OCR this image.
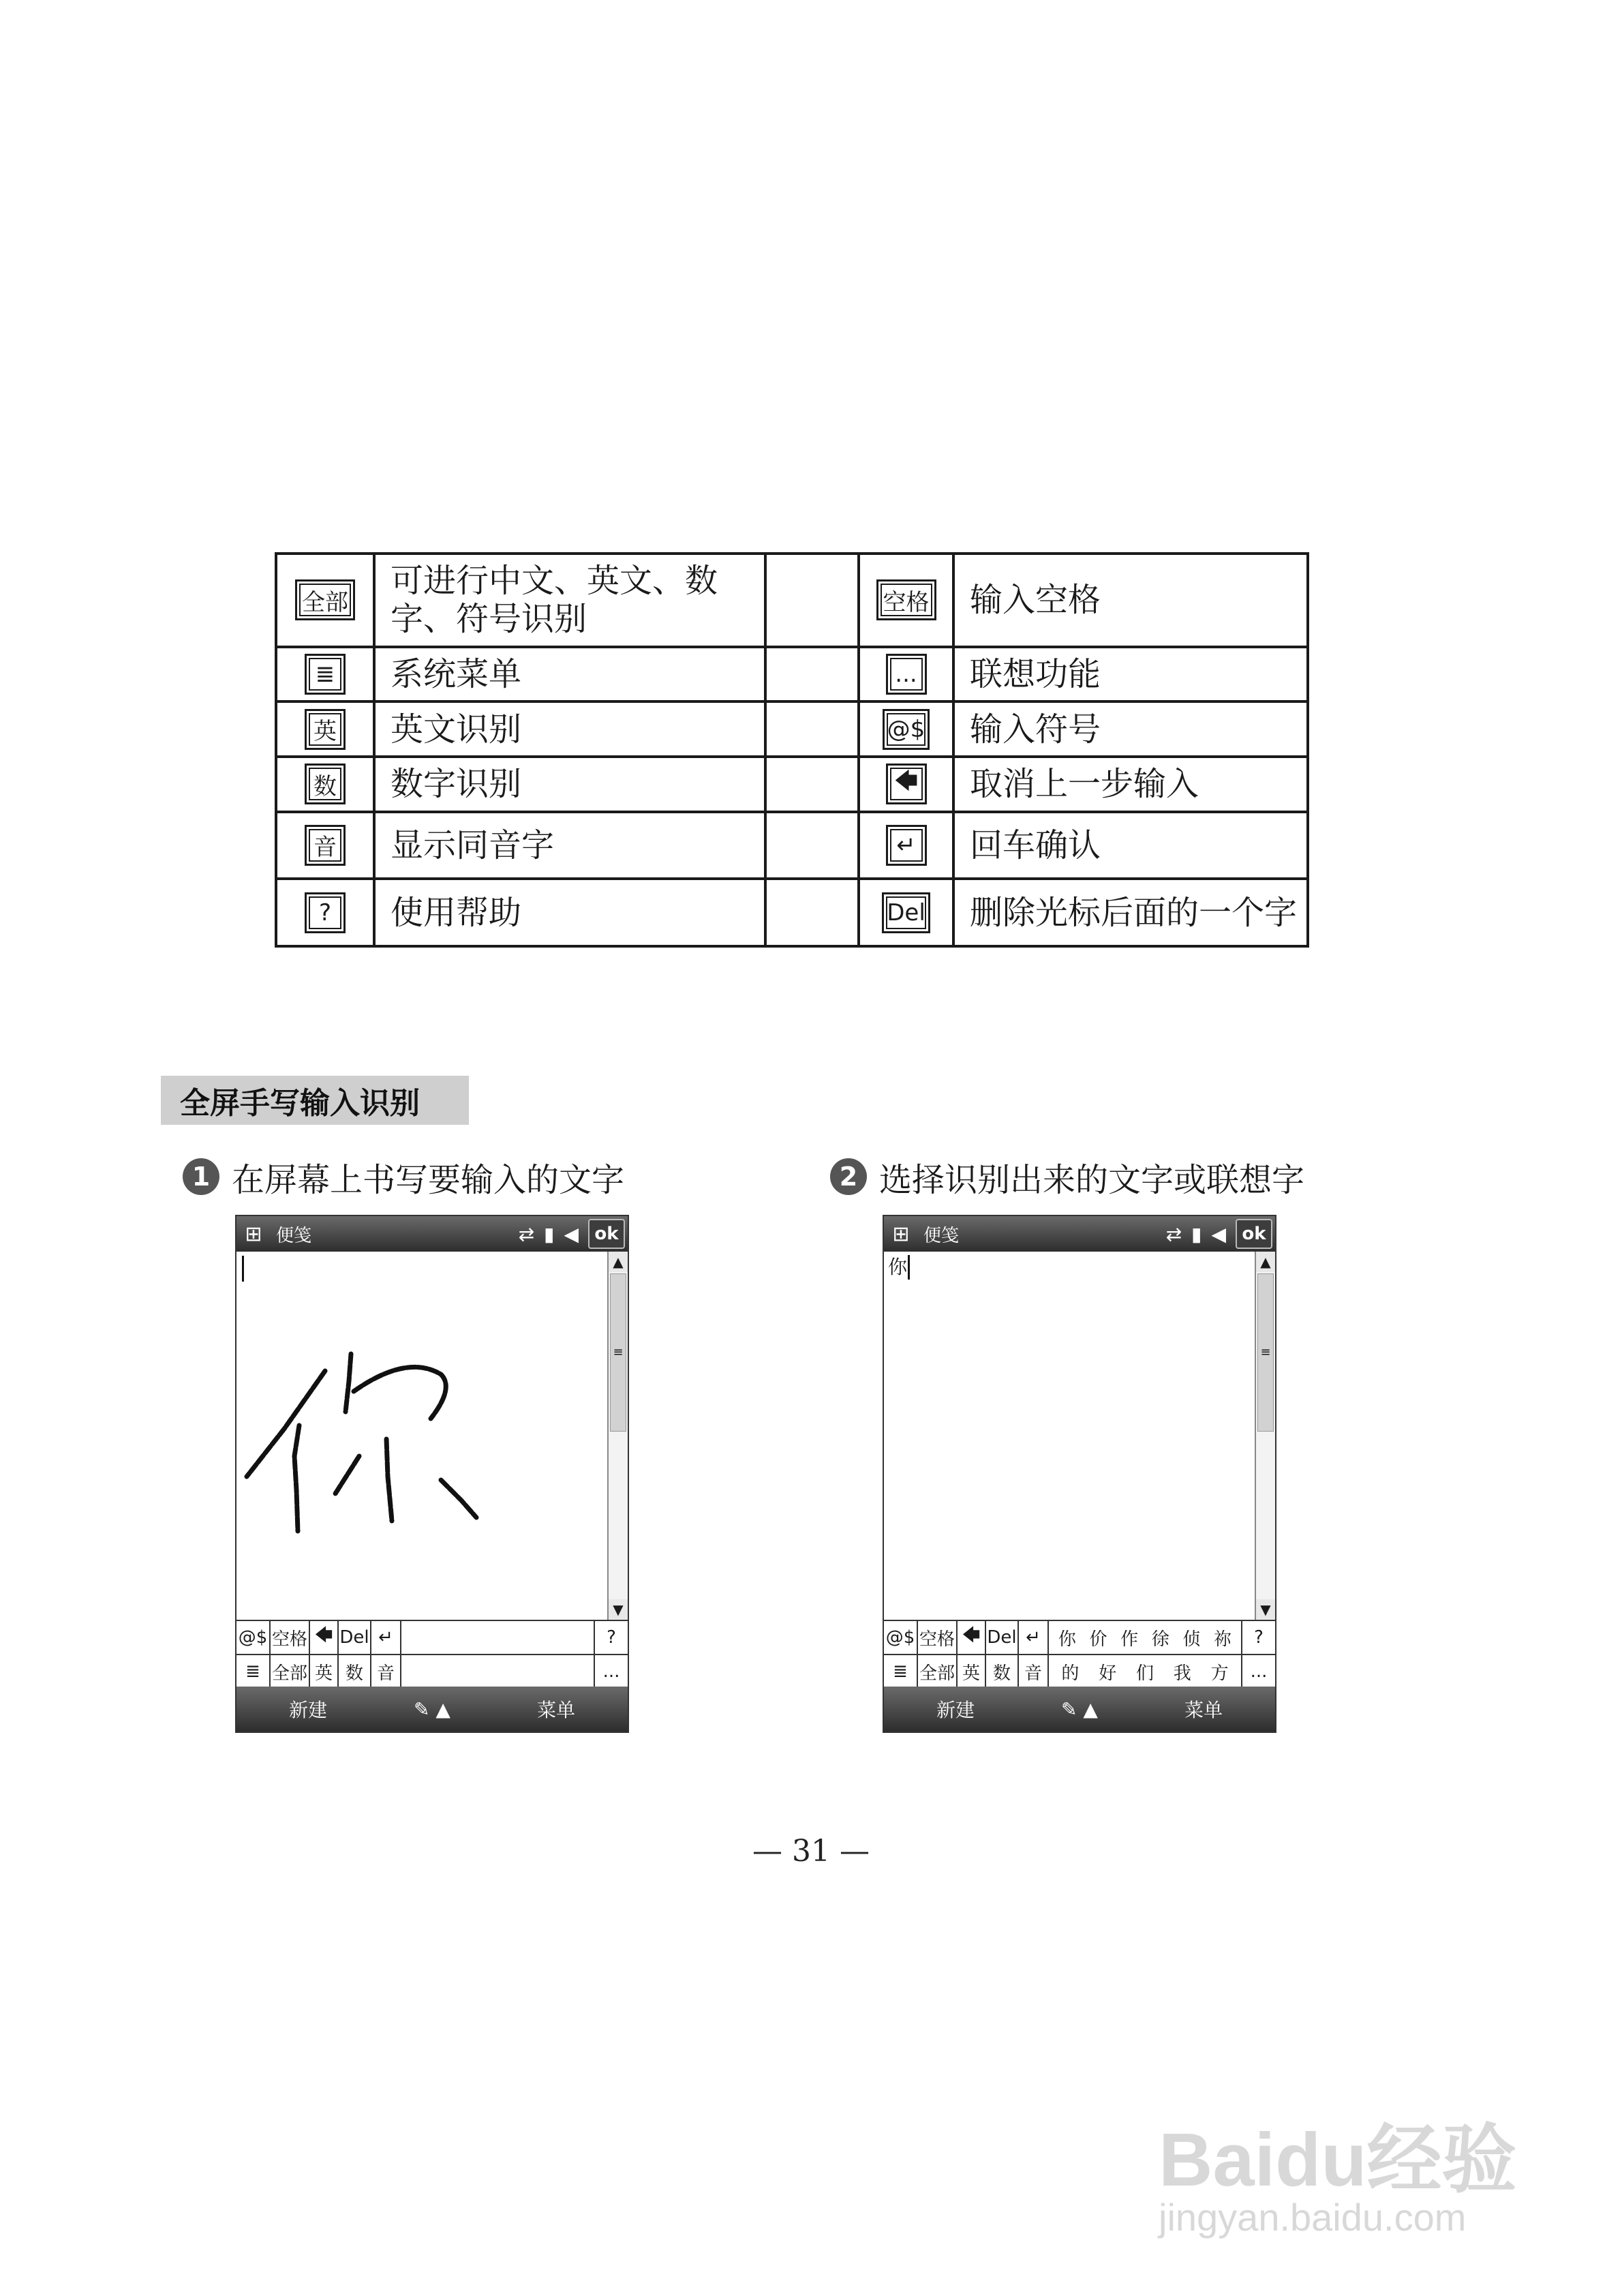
全部	可进行中文、英文、数字、符号识别		空格	输入空格
≣	系统菜单		...	联想功能
英	英文识别		@$	输入符号
数	数字识别		🡄	取消上一步输入
音	显示同音字		↵	回车确认
?	使用帮助		Del	删除光标后面的一个字
全屏手写输入识别
1 在屏幕上书写要输入的文字	2 选择识别出来的文字或联想字
⊞ 便笺	⇄ ▮ ◀ ok
▲
≡
▼
@$ 空格 🡄 Del ↵	?
≣ 全部 英 数 音	...
新建	✎ ▲	菜单
⊞ 便笺	⇄ ▮ ◀ ok
你	▲
≡
▼
@$ 空格 🡄 Del ↵ 你 价 作 徐 侦 祢	?
≣ 全部 英 数 音	的 好 们 我 方	...
新建	✎ ▲	菜单
— 31 —
Baidu经验
jingyan.baidu.com
